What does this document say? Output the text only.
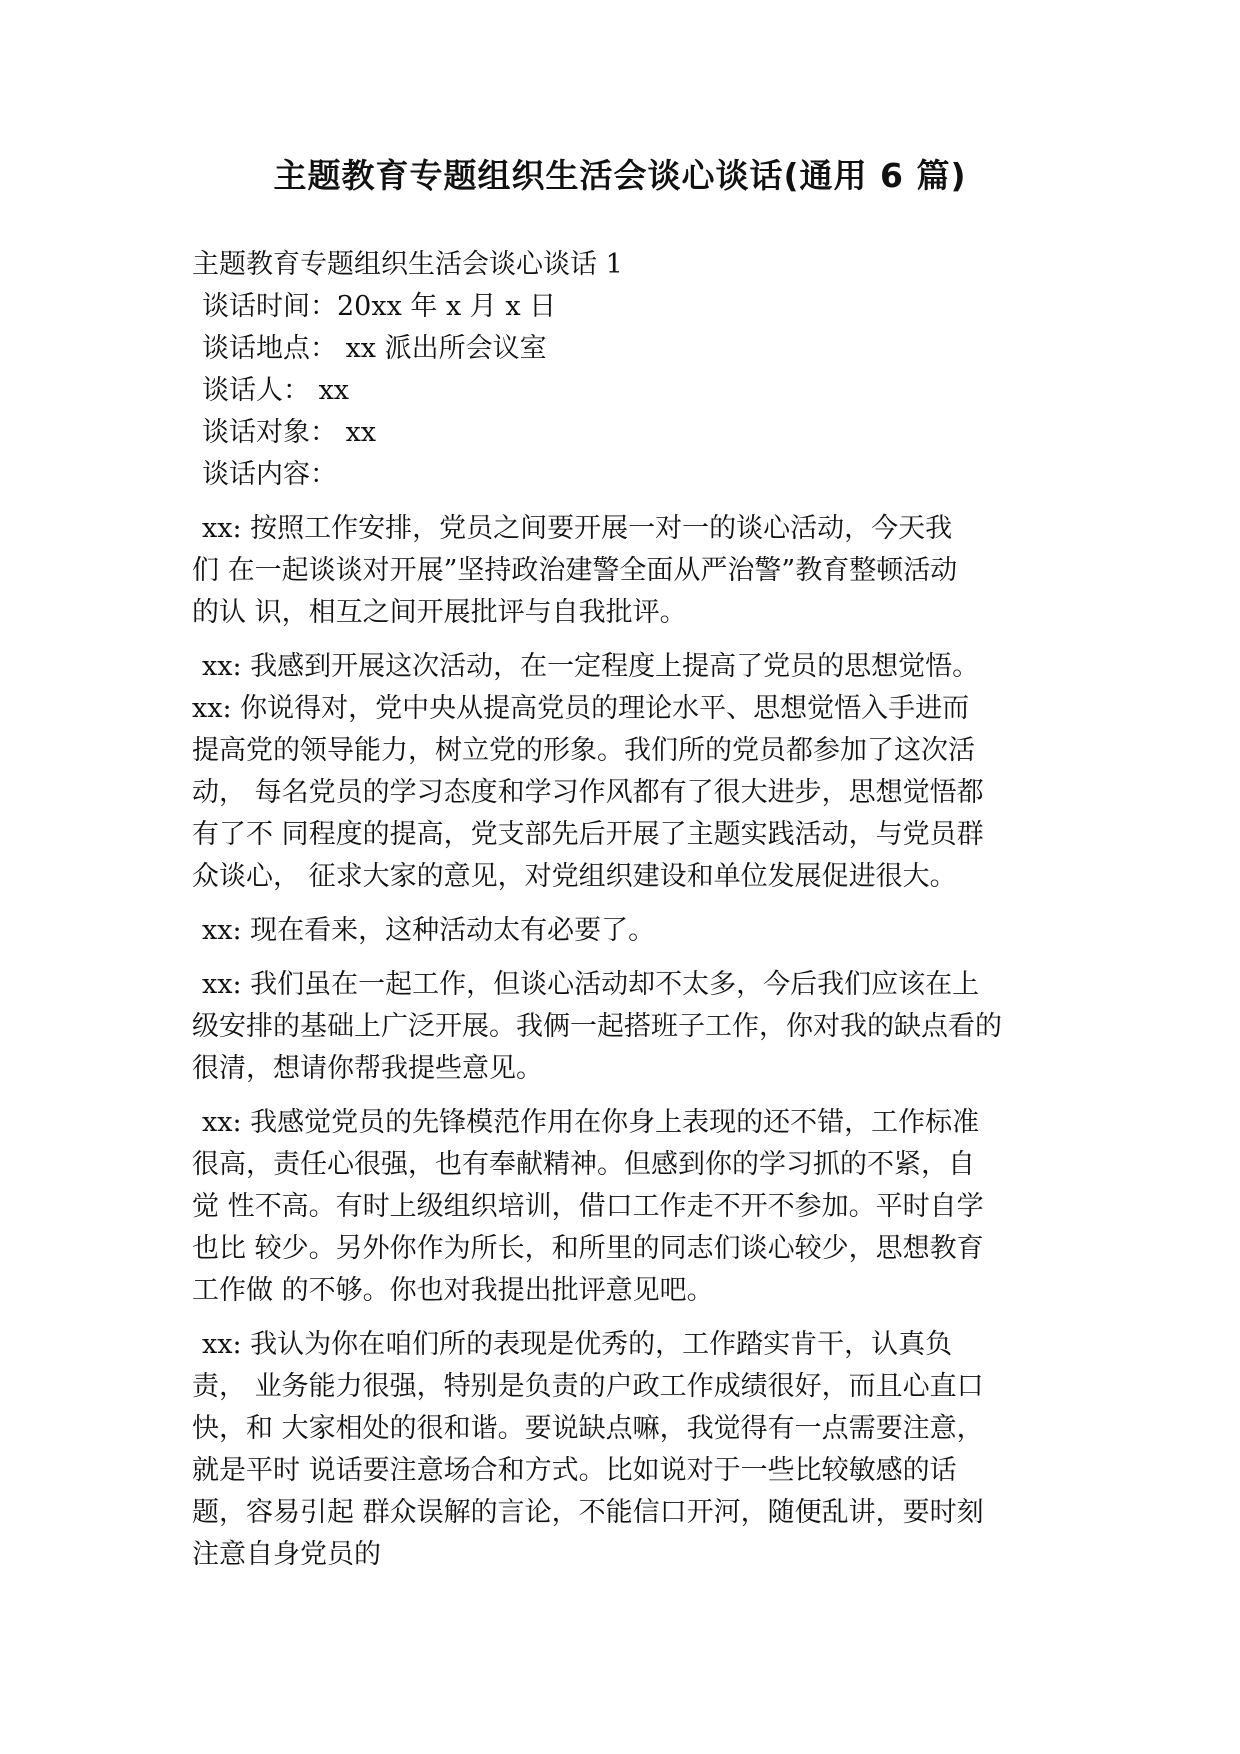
主题教育专题组织生活会谈心谈话(通用 6 篇)
主题教育专题组织生活会谈心谈话 1
谈话时间：20xx 年 x 月 x 日
谈话地点： xx 派出所会议室
谈话人： xx
谈话对象： xx
谈话内容：
xx: 按照工作安排，党员之间要开展一对一的谈心活动，今天我
们 在一起谈谈对开展”坚持政治建警全面从严治警”教育整顿活动
的认 识，相互之间开展批评与自我批评。
xx: 我感到开展这次活动，在一定程度上提高了党员的思想觉悟。
xx: 你说得对，党中央从提高党员的理论水平、思想觉悟入手进而
提高党的领导能力，树立党的形象。我们所的党员都参加了这次活
动， 每名党员的学习态度和学习作风都有了很大进步，思想觉悟都
有了不 同程度的提高，党支部先后开展了主题实践活动，与党员群
众谈心， 征求大家的意见，对党组织建设和单位发展促进很大。
xx: 现在看来，这种活动太有必要了。
xx: 我们虽在一起工作，但谈心活动却不太多，今后我们应该在上
级安排的基础上广泛开展。我俩一起搭班子工作，你对我的缺点看的
很清，想请你帮我提些意见。
xx: 我感觉党员的先锋模范作用在你身上表现的还不错，工作标准
很高，责任心很强，也有奉献精神。但感到你的学习抓的不紧，自
觉 性不高。有时上级组织培训，借口工作走不开不参加。平时自学
也比 较少。另外你作为所长，和所里的同志们谈心较少，思想教育
工作做 的不够。你也对我提出批评意见吧。
xx: 我认为你在咱们所的表现是优秀的，工作踏实肯干，认真负
责， 业务能力很强，特别是负责的户政工作成绩很好，而且心直口
快，和 大家相处的很和谐。要说缺点嘛，我觉得有一点需要注意，
就是平时 说话要注意场合和方式。比如说对于一些比较敏感的话
题，容易引起 群众误解的言论，不能信口开河，随便乱讲，要时刻
注意自身党员的
